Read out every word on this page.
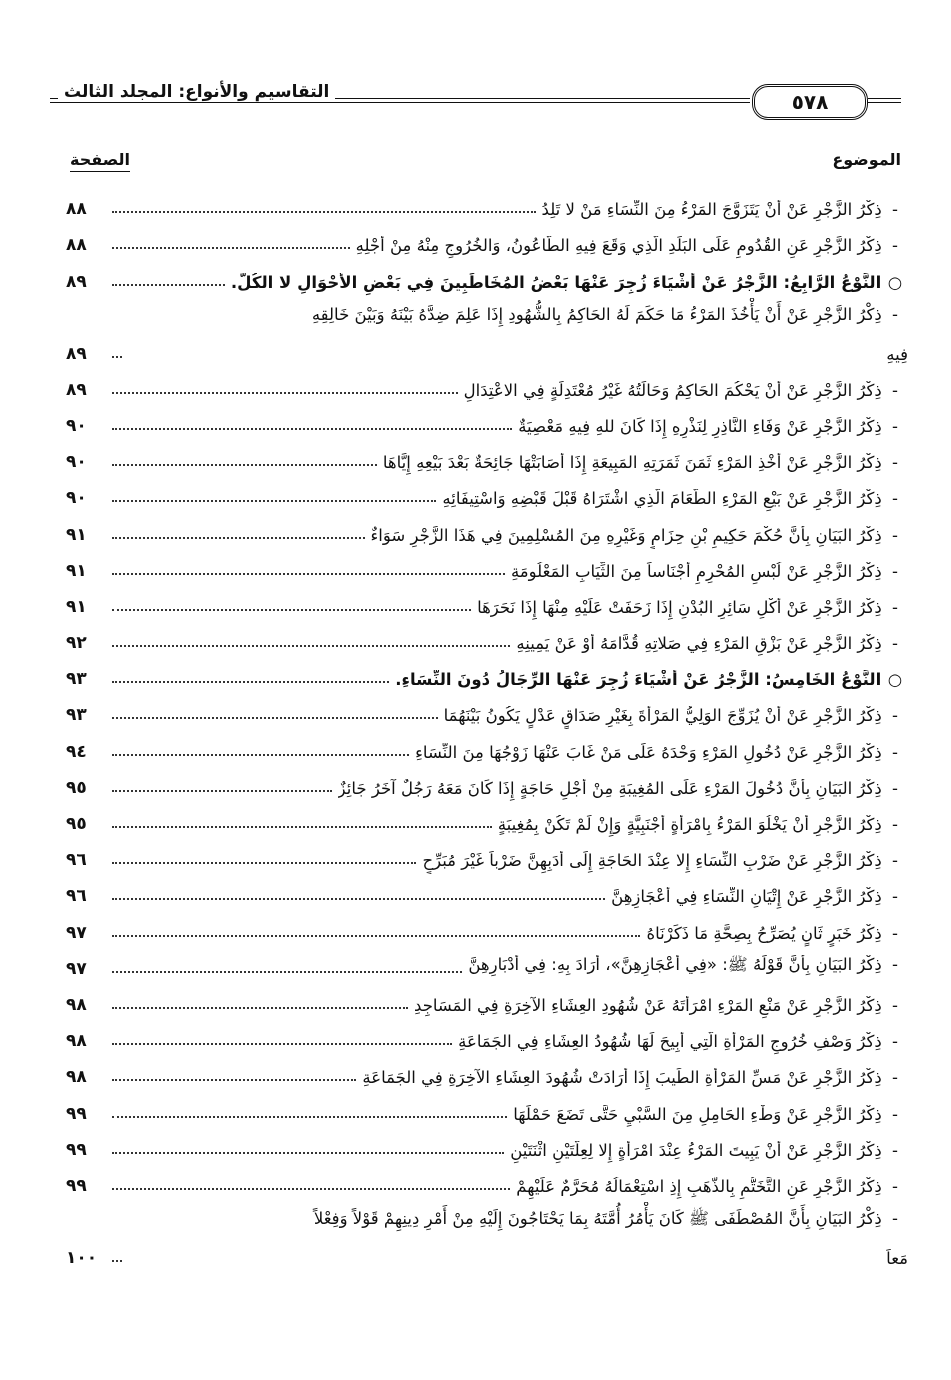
التقاسيم والأنواع: المجلد الثالث	٥٧٨
الموضوع
الصفحة
٨٨	- ذِكْرُ الزَّجْرِ عَنْ أَنْ يَتَزَوَّجَ المَرْءُ مِنَ النِّسَاءِ مَنْ لا تَلِدُ
٨٨	- ذِكْرُ الزَّجْرِ عَنِ القُدُومِ عَلَى البَلَدِ الَّذِي وَقَعَ فِيهِ الطَّاعُونُ، وَالخُرُوجِ مِنْهُ مِنْ أَجْلِهِ
٨٩	○ النَّوْعُ الرَّابِعُ: الزَّجْرُ عَنْ أَشْيَاءَ زُجِرَ عَنْهَا بَعْضُ المُخَاطَبِينَ فِي بَعْضِ الأَحْوَالِ لا الكُلّ.
- ذِكْرُ الزَّجْرِ عَنْ أَنْ يَأْخُذَ المَرْءُ مَا حَكَمَ لَهُ الحَاكِمُ بِالشُّهُودِ إِذَا عَلِمَ ضِدَّهُ بَيْنَهُ وَبَيْنَ خَالِقِهِ
٨٩	فِيهِ
٨٩	- ذِكْرُ الزَّجْرِ عَنْ أَنْ يَحْكُمَ الحَاكِمُ وَحَالَتُهُ غَيْرُ مُعْتَدِلَةٍ فِي الاعْتِدَالِ
٩٠	- ذِكْرُ الزَّجْرِ عَنْ وَفَاءِ النَّاذِرِ لِنَذْرِهِ إِذَا كَانَ للهِ فِيهِ مَعْصِيَةٌ
٩٠	- ذِكْرُ الزَّجْرِ عَنْ أَخْذِ المَرْءِ ثَمَنَ ثَمَرَتِهِ المَبِيعَةِ إِذَا أَصَابَتْهَا جَائِحَةٌ بَعْدَ بَيْعِهِ إِيَّاهَا
٩٠	- ذِكْرُ الزَّجْرِ عَنْ بَيْعِ المَرْءِ الطَّعَامَ الَّذِي اشْتَرَاهُ قَبْلَ قَبْضِهِ وَاسْتِيفَائِهِ
٩١	- ذِكْرُ البَيَانِ بِأَنَّ حُكْمَ حَكِيمِ بْنِ حِزَامٍ وَغَيْرِهِ مِنَ المُسْلِمِينَ فِي هَذَا الزَّجْرِ سَوَاءٌ
٩١	- ذِكْرُ الزَّجْرِ عَنْ لُبْسِ المُحْرِمِ أَجْنَاساً مِنَ الثِّيَابِ المَعْلُومَةِ
٩١	- ذِكْرُ الزَّجْرِ عَنْ أَكْلِ سَائِرِ البُدْنِ إِذَا زَحَفَتْ عَلَيْهِ مِنْهَا إِذَا نَحَرَهَا
٩٢	- ذِكْرُ الزَّجْرِ عَنْ بَزْقِ المَرْءِ فِي صَلاتِهِ قُدَّامَهُ أَوْ عَنْ يَمِينِهِ
٩٣	○ النَّوْعُ الخَامِسُ: الزَّجْرُ عَنْ أَشْيَاءَ زُجِرَ عَنْهَا الرِّجَالُ دُونَ النِّسَاءِ.
٩٣	- ذِكْرُ الزَّجْرِ عَنْ أَنْ يُزَوِّجَ الوَلِيُّ المَرْأَةَ بِغَيْرِ صَدَاقٍ عَدْلٍ يَكُونُ بَيْنَهُمَا
٩٤	- ذِكْرُ الزَّجْرِ عَنْ دُخُولِ المَرْءِ وَحْدَهُ عَلَى مَنْ غَابَ عَنْهَا زَوْجُهَا مِنَ النِّسَاءِ
٩٥	- ذِكْرُ البَيَانِ بِأَنَّ دُخُولَ المَرْءِ عَلَى المُغِيبَةِ مِنْ أَجْلِ حَاجَةٍ إِذَا كَانَ مَعَهُ رَجُلٌ آخَرُ جَائِزٌ
٩٥	- ذِكْرُ الزَّجْرِ أَنْ يَخْلُوَ المَرْءُ بِامْرَأَةٍ أَجْنَبِيَّةٍ وَإِنْ لَمْ تَكُنْ بِمُغِيبَةٍ
٩٦	- ذِكْرُ الزَّجْرِ عَنْ ضَرْبِ النِّسَاءِ إِلا عِنْدَ الحَاجَةِ إِلَى أَدَبِهِنَّ ضَرْباً غَيْرَ مُبَرِّحٍ
٩٦	- ذِكْرُ الزَّجْرِ عَنْ إِتْيَانِ النِّسَاءِ فِي أَعْجَازِهِنَّ
٩٧	- ذِكْرُ خَبَرٍ ثَانٍ يُصَرِّحُ بِصِحَّةِ مَا ذَكَرْنَاهُ
٩٧	- ذِكْرُ البَيَانِ بِأَنَّ قَوْلَهُ ﷺ: «فِي أَعْجَازِهِنَّ»، أَرَادَ بِهِ: فِي أَدْبَارِهِنَّ
٩٨	- ذِكْرُ الزَّجْرِ عَنْ مَنْعِ المَرْءِ امْرَأَتَهُ عَنْ شُهُودِ العِشَاءِ الآخِرَةِ فِي المَسَاجِدِ
٩٨	- ذِكْرُ وَصْفِ خُرُوجِ المَرْأَةِ الَّتِي أُبِيحَ لَهَا شُهُودُ العِشَاءِ فِي الجَمَاعَةِ
٩٨	- ذِكْرُ الزَّجْرِ عَنْ مَسِّ المَرْأَةِ الطِّيبَ إِذَا أَرَادَتْ شُهُودَ العِشَاءِ الآخِرَةِ فِي الجَمَاعَةِ
٩٩	- ذِكْرُ الزَّجْرِ عَنْ وَطْءِ الحَامِلِ مِنَ السَّبْيِ حَتَّى تَضَعَ حَمْلَهَا
٩٩	- ذِكْرُ الزَّجْرِ عَنْ أَنْ يَبِيتَ المَرْءُ عِنْدَ امْرَأَةٍ إِلا لِعِلَّتَيْنِ اثْنَتَيْنِ
٩٩	- ذِكْرُ الزَّجْرِ عَنِ التَّخَتُّمِ بِالذَّهَبِ إِذِ اسْتِعْمَالُهُ مُحَرَّمٌ عَلَيْهِمْ
- ذِكْرُ البَيَانِ بِأَنَّ المُصْطَفَى ﷺ كَانَ يَأْمُرُ أُمَّتَهُ بِمَا يَحْتَاجُونَ إِلَيْهِ مِنْ أَمْرِ دِينِهِمْ قَوْلاً وَفِعْلاً
١٠٠	مَعاً
